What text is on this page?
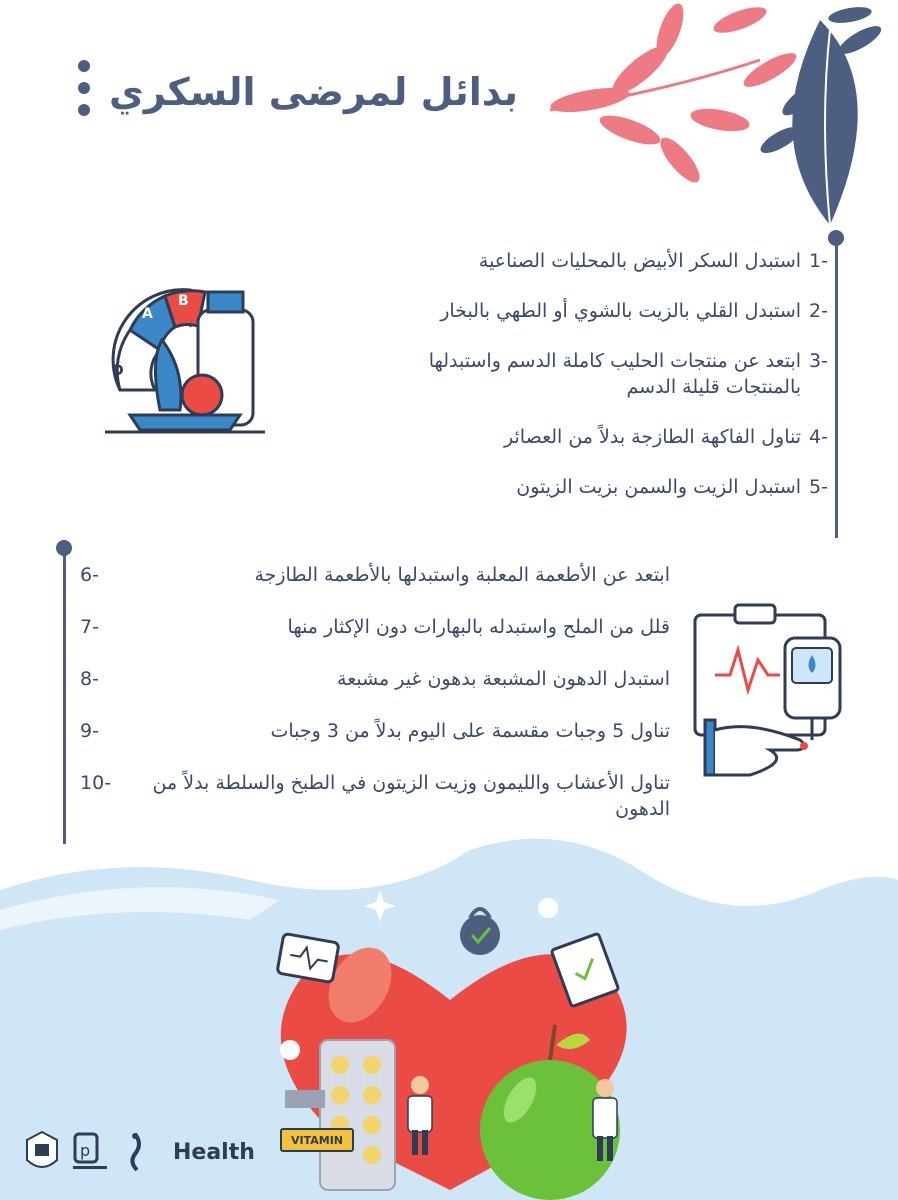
بدائل لمرضى السكري
-1
استبدل السكر الأبيض بالمحليات الصناعية
-2
استبدل القلي بالزيت بالشوي أو الطهي بالبخار
-3
ابتعد عن منتجات الحليب كاملة الدسم واستبدلها بالمنتجات قليلة الدسم
-4
تناول الفاكهة الطازجة بدلاً من العصائر
-5
استبدل الزيت والسمن بزيت الزيتون
A
B
D
ابتعد عن الأطعمة المعلبة واستبدلها بالأطعمة الطازجة
-6
قلل من الملح واستبدله بالبهارات دون الإكثار منها
-7
استبدل الدهون المشبعة بدهون غير مشبعة
-8
تناول 5 وجبات مقسمة على اليوم بدلاً من 3 وجبات
-9
تناول الأعشاب والليمون وزيت الزيتون في الطبخ والسلطة بدلاً من الدهون
-10
VITAMIN
p	Health
